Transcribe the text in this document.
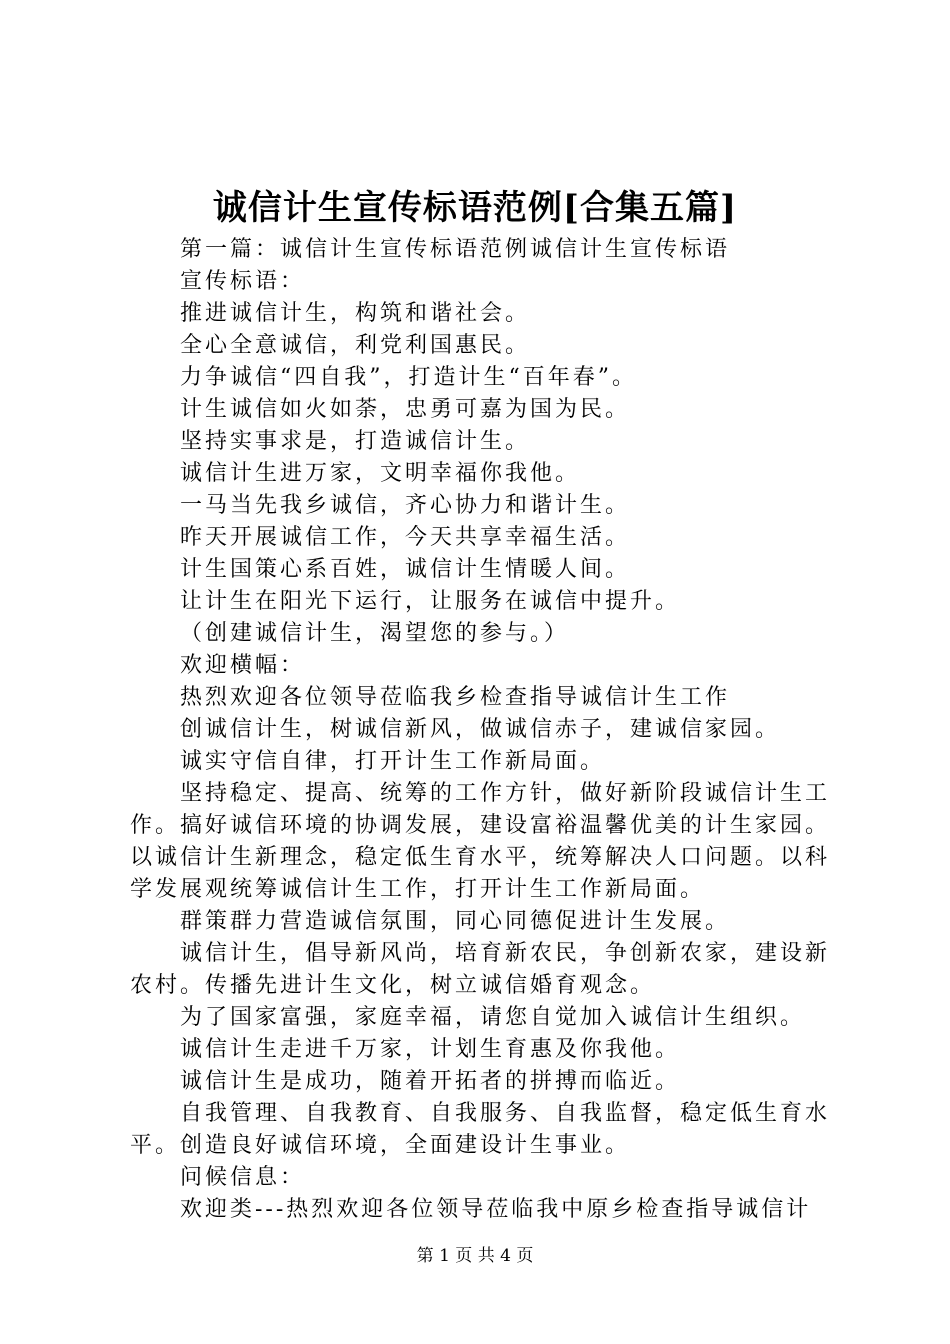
诚信计生宣传标语范例[合集五篇]

第一篇：诚信计生宣传标语范例诚信计生宣传标语

宣传标语：

推进诚信计生，构筑和谐社会。

全心全意诚信，利党利国惠民。

力争诚信“四自我”，打造计生“百年春”。

计生诚信如火如荼，忠勇可嘉为国为民。

坚持实事求是，打造诚信计生。

诚信计生进万家，文明幸福你我他。

一马当先我乡诚信，齐心协力和谐计生。

昨天开展诚信工作，今天共享幸福生活。

计生国策心系百姓，诚信计生情暖人间。

让计生在阳光下运行，让服务在诚信中提升。

（创建诚信计生，渴望您的参与。）

欢迎横幅：

热烈欢迎各位领导莅临我乡检查指导诚信计生工作

创诚信计生，树诚信新风，做诚信赤子，建诚信家园。

诚实守信自律，打开计生工作新局面。

坚持稳定、提高、统筹的工作方针，做好新阶段诚信计生工作。搞好诚信环境的协调发展，建设富裕温馨优美的计生家园。以诚信计生新理念，稳定低生育水平，统筹解决人口问题。以科学发展观统筹诚信计生工作，打开计生工作新局面。

群策群力营造诚信氛围，同心同德促进计生发展。

诚信计生，倡导新风尚，培育新农民，争创新农家，建设新农村。传播先进计生文化，树立诚信婚育观念。

为了国家富强，家庭幸福，请您自觉加入诚信计生组织。

诚信计生走进千万家，计划生育惠及你我他。

诚信计生是成功，随着开拓者的拼搏而临近。

自我管理、自我教育、自我服务、自我监督，稳定低生育水平。创造良好诚信环境，全面建设计生事业。

问候信息：

欢迎类---热烈欢迎各位领导莅临我中原乡检查指导诚信计

第 1 页 共 4 页
